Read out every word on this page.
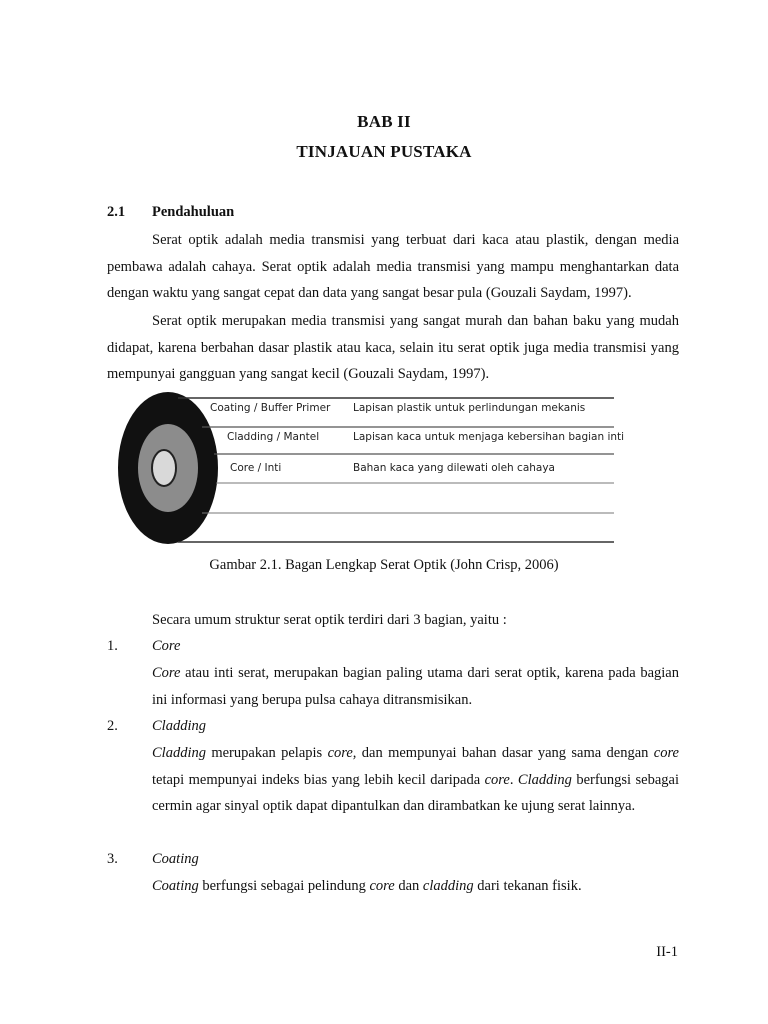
BAB II
TINJAUAN PUSTAKA
2.1 Pendahuluan

Serat optik adalah media transmisi yang terbuat dari kaca atau plastik, dengan media pembawa adalah cahaya. Serat optik adalah media transmisi yang mampu menghantarkan data dengan waktu yang sangat cepat dan data yang sangat besar pula (Gouzali Saydam, 1997).

Serat optik merupakan media transmisi yang sangat murah dan bahan baku yang mudah didapat, karena berbahan dasar plastik atau kaca, selain itu serat optik juga media transmisi yang mempunyai gangguan yang sangat kecil (Gouzali Saydam, 1997).

Coating / Buffer Primer Lapisan plastik untuk perlindungan mekanis
Cladding / Mantel	Lapisan kaca untuk menjaga kebersihan bagian inti
Core / Inti	Bahan kaca yang dilewati oleh cahaya
Gambar 2.1. Bagan Lengkap Serat Optik (John Crisp, 2006)
Secara umum struktur serat optik terdiri dari 3 bagian, yaitu :
1. Core

Core atau inti serat, merupakan bagian paling utama dari serat optik, karena pada bagian ini informasi yang berupa pulsa cahaya ditransmisikan.

2. Cladding

Cladding merupakan pelapis core, dan mempunyai bahan dasar yang sama dengan core tetapi mempunyai indeks bias yang lebih kecil daripada core. Cladding berfungsi sebagai cermin agar sinyal optik dapat dipantulkan dan dirambatkan ke ujung serat lainnya.

3. Coating

Coating berfungsi sebagai pelindung core dan cladding dari tekanan fisik.

II-1
